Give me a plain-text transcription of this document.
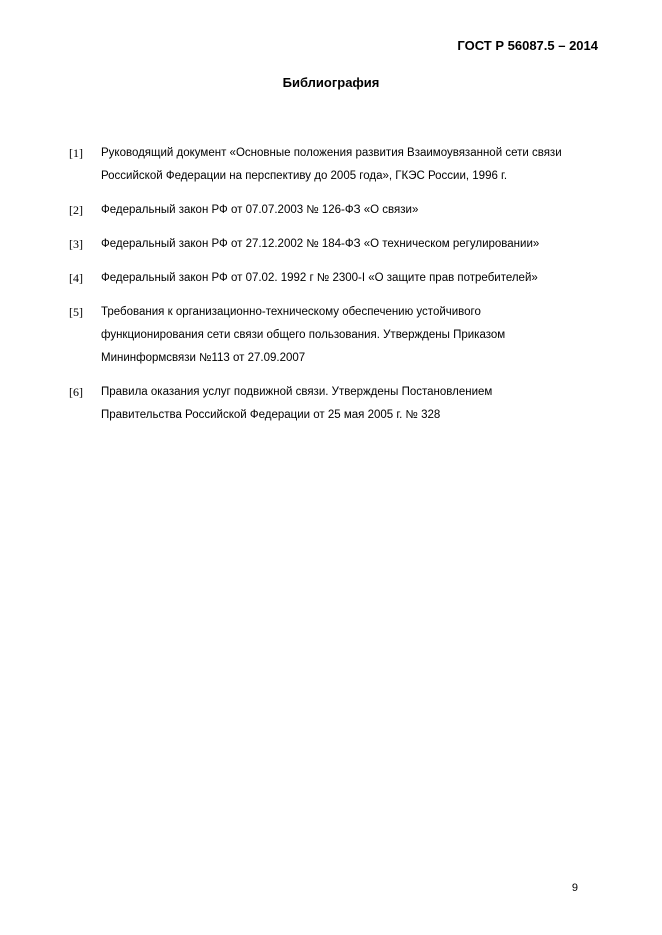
ГОСТ Р 56087.5 – 2014
Библиография
[1]	Руководящий документ «Основные положения развития Взаимоувязанной сети связи
Российской Федерации на перспективу до 2005 года», ГКЭС России, 1996 г.
[2]	Федеральный закон РФ от 07.07.2003 № 126-ФЗ «О связи»
[3]	Федеральный закон РФ от 27.12.2002 № 184-ФЗ «О техническом регулировании»
[4]	Федеральный закон РФ от 07.02. 1992 г № 2300-I «О защите прав потребителей»
[5]	Требования к организационно-техническому обеспечению устойчивого
функционирования сети связи общего пользования. Утверждены Приказом
Мининформсвязи №113 от 27.09.2007
[6]	Правила оказания услуг подвижной связи. Утверждены Постановлением
Правительства Российской Федерации от 25 мая 2005 г. № 328
9
